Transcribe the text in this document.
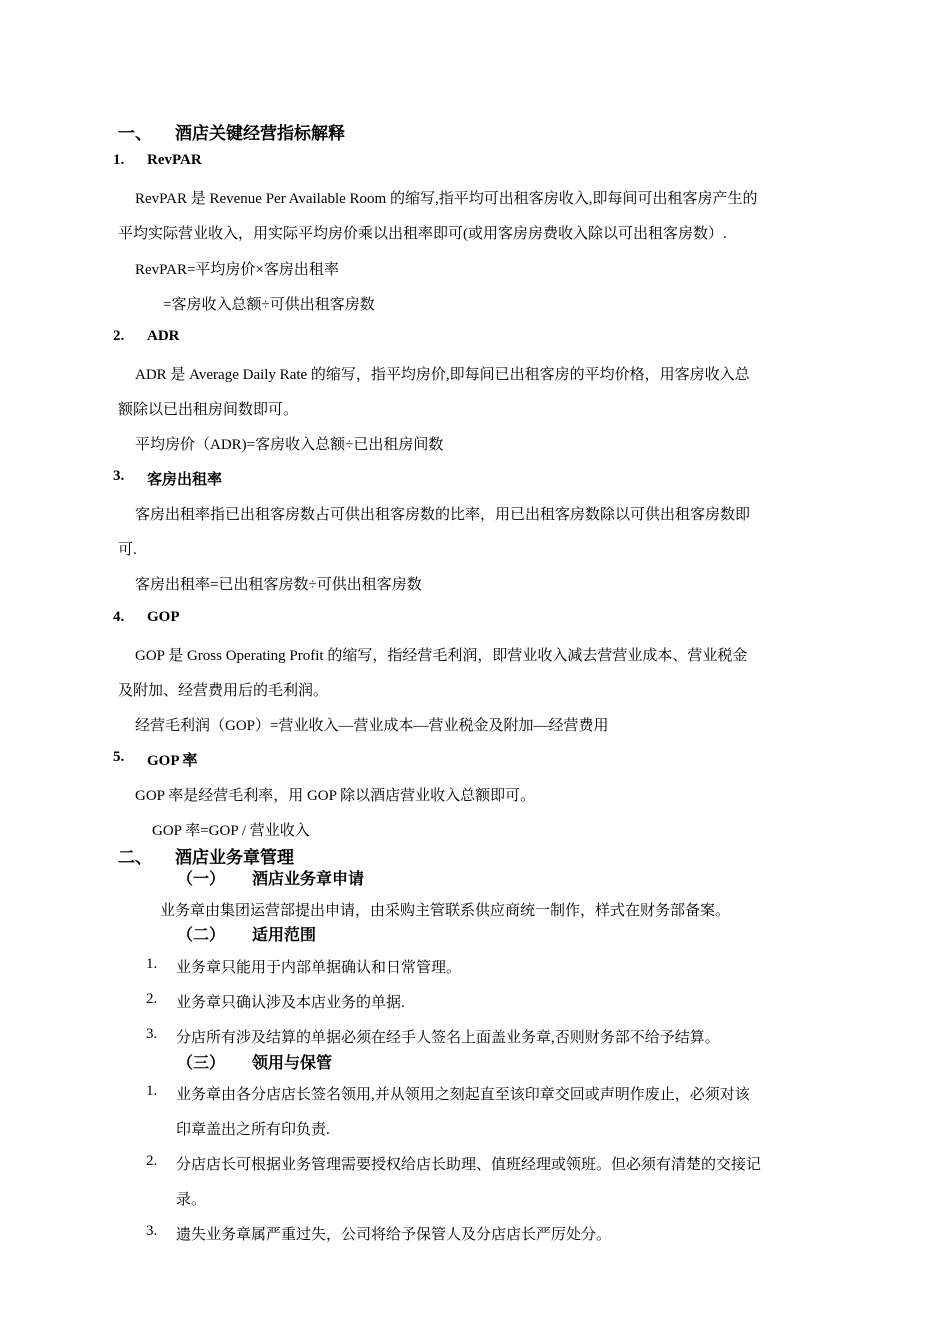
一、 酒店关键经营指标解释
1. RevPAR
RevPAR 是 Revenue Per Available Room 的缩写,指平均可出租客房收入,即每间可出租客房产生的
平均实际营业收入，用实际平均房价乘以出租率即可(或用客房房费收入除以可出租客房数）.
RevPAR=平均房价×客房出租率
=客房收入总额÷可供出租客房数
2. ADR
ADR 是 Average Daily Rate 的缩写，指平均房价,即每间已出租客房的平均价格，用客房收入总
额除以已出租房间数即可。
平均房价（ADR)=客房收入总额÷已出租房间数
3. 客房出租率
客房出租率指已出租客房数占可供出租客房数的比率，用已出租客房数除以可供出租客房数即
可.
客房出租率=已出租客房数÷可供出租客房数
4. GOP
GOP 是 Gross Operating Profit 的缩写，指经营毛利润，即营业收入减去营营业成本、营业税金
及附加、经营费用后的毛利润。
经营毛利润（GOP）=营业收入—营业成本—营业税金及附加—经营费用
5. GOP 率
GOP 率是经营毛利率，用 GOP 除以酒店营业收入总额即可。
GOP 率=GOP / 营业收入
二、 酒店业务章管理
（一） 酒店业务章申请
业务章由集团运营部提出申请，由采购主管联系供应商统一制作，样式在财务部备案。
（二） 适用范围
1. 业务章只能用于内部单据确认和日常管理。
2. 业务章只确认涉及本店业务的单据.
3. 分店所有涉及结算的单据必须在经手人签名上面盖业务章,否则财务部不给予结算。
（三） 领用与保管
1. 业务章由各分店店长签名领用,并从领用之刻起直至该印章交回或声明作废止，必须对该
印章盖出之所有印负责.
2. 分店店长可根据业务管理需要授权给店长助理、值班经理或领班。但必须有清楚的交接记
录。
3. 遗失业务章属严重过失，公司将给予保管人及分店店长严厉处分。
